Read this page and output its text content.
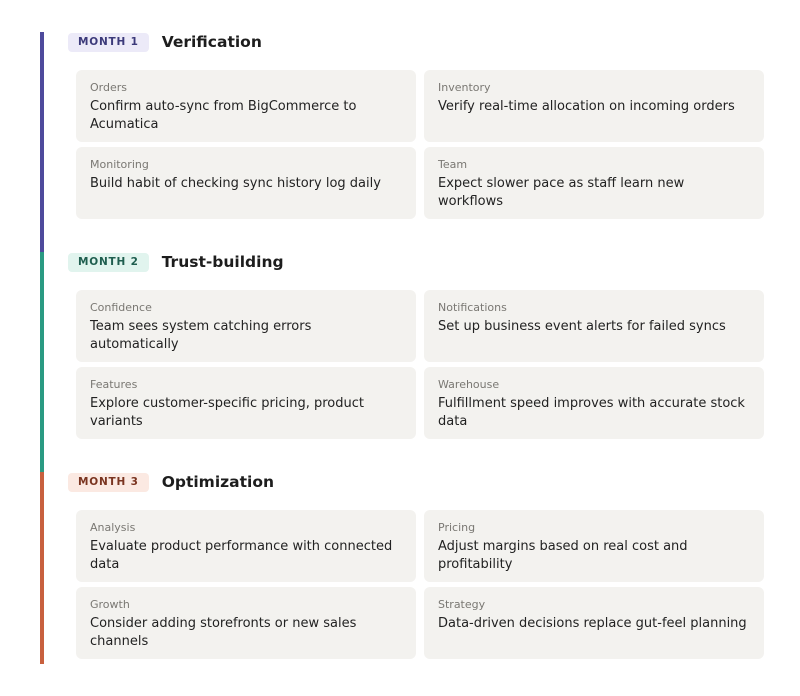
MONTH 1	Verification
Orders
Confirm auto-sync from BigCommerce to Acumatica
Inventory
Verify real-time allocation on incoming orders
Monitoring
Build habit of checking sync history log daily
Team
Expect slower pace as staff learn new workflows
MONTH 2	Trust-building
Confidence
Team sees system catching errors automatically
Notifications
Set up business event alerts for failed syncs
Features
Explore customer-specific pricing, product variants
Warehouse
Fulfillment speed improves with accurate stock data
MONTH 3	Optimization
Analysis
Evaluate product performance with connected data
Pricing
Adjust margins based on real cost and profitability
Growth
Consider adding storefronts or new sales channels
Strategy
Data-driven decisions replace gut-feel planning
